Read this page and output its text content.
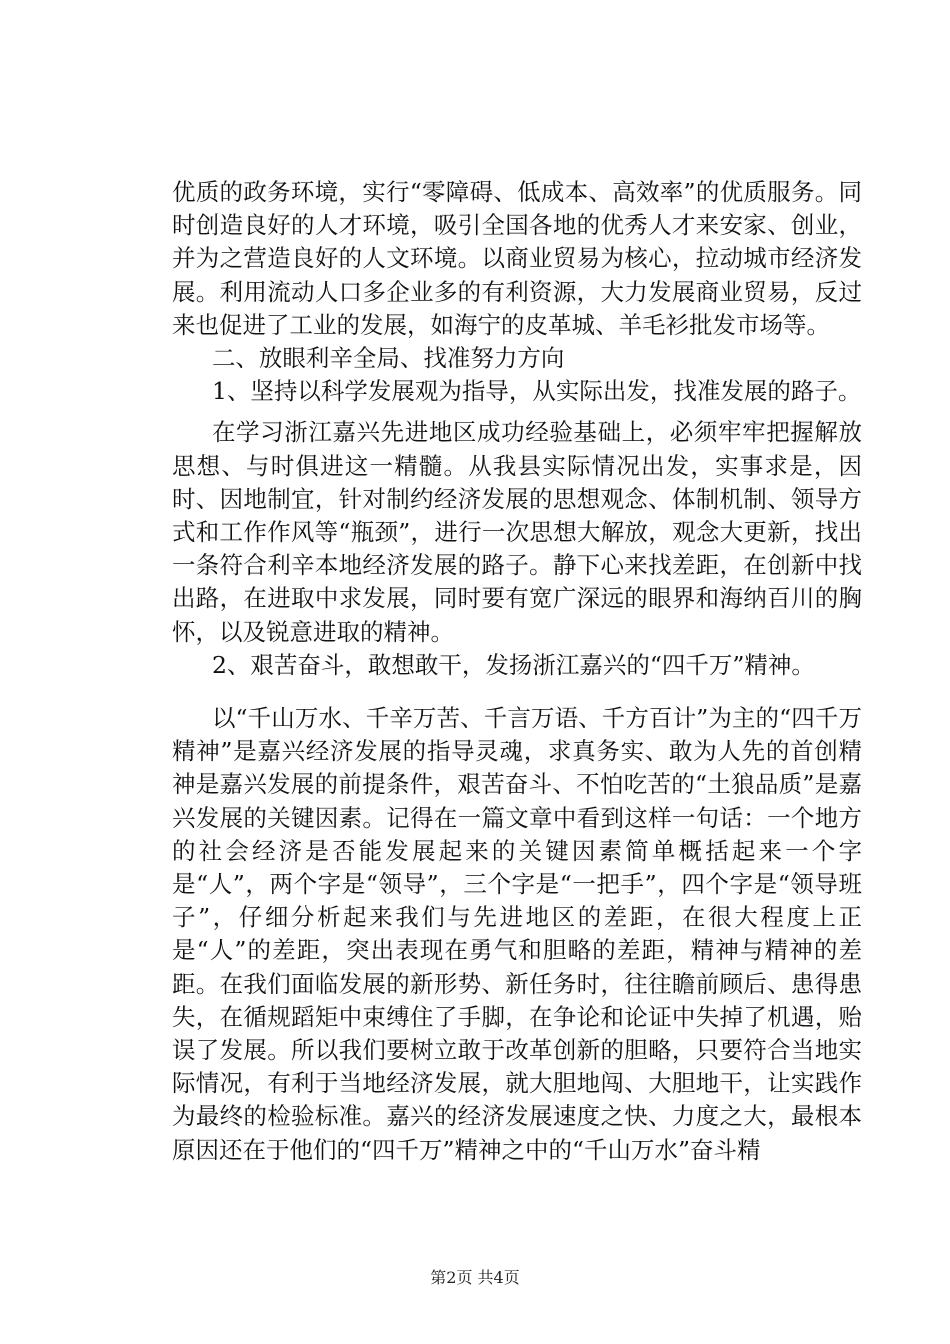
优质的政务环境，实行“零障碍、低成本、高效率”的优质服务。同时创造良好的人才环境，吸引全国各地的优秀人才来安家、创业，并为之营造良好的人文环境。以商业贸易为核心，拉动城市经济发展。利用流动人口多企业多的有利资源，大力发展商业贸易，反过来也促进了工业的发展，如海宁的皮革城、羊毛衫批发市场等。

二、放眼利辛全局、找准努力方向

1、坚持以科学发展观为指导，从实际出发，找准发展的路子。

在学习浙江嘉兴先进地区成功经验基础上，必须牢牢把握解放思想、与时俱进这一精髓。从我县实际情况出发，实事求是，因时、因地制宜，针对制约经济发展的思想观念、体制机制、领导方式和工作作风等“瓶颈”，进行一次思想大解放，观念大更新，找出一条符合利辛本地经济发展的路子。静下心来找差距，在创新中找出路，在进取中求发展，同时要有宽广深远的眼界和海纳百川的胸怀，以及锐意进取的精神。

2、艰苦奋斗，敢想敢干，发扬浙江嘉兴的“四千万”精神。

以“千山万水、千辛万苦、千言万语、千方百计”为主的“四千万精神”是嘉兴经济发展的指导灵魂，求真务实、敢为人先的首创精神是嘉兴发展的前提条件，艰苦奋斗、不怕吃苦的“土狼品质”是嘉兴发展的关键因素。记得在一篇文章中看到这样一句话：一个地方的社会经济是否能发展起来的关键因素简单概括起来一个字是“人”，两个字是“领导”，三个字是“一把手”，四个字是“领导班子”，仔细分析起来我们与先进地区的差距，在很大程度上正是“人”的差距，突出表现在勇气和胆略的差距，精神与精神的差距。在我们面临发展的新形势、新任务时，往往瞻前顾后、患得患失，在循规蹈矩中束缚住了手脚，在争论和论证中失掉了机遇，贻误了发展。所以我们要树立敢于改革创新的胆略，只要符合当地实际情况，有利于当地经济发展，就大胆地闯、大胆地干，让实践作为最终的检验标准。嘉兴的经济发展速度之快、力度之大，最根本原因还在于他们的“四千万”精神之中的“千山万水”奋斗精

第2页 共4页
